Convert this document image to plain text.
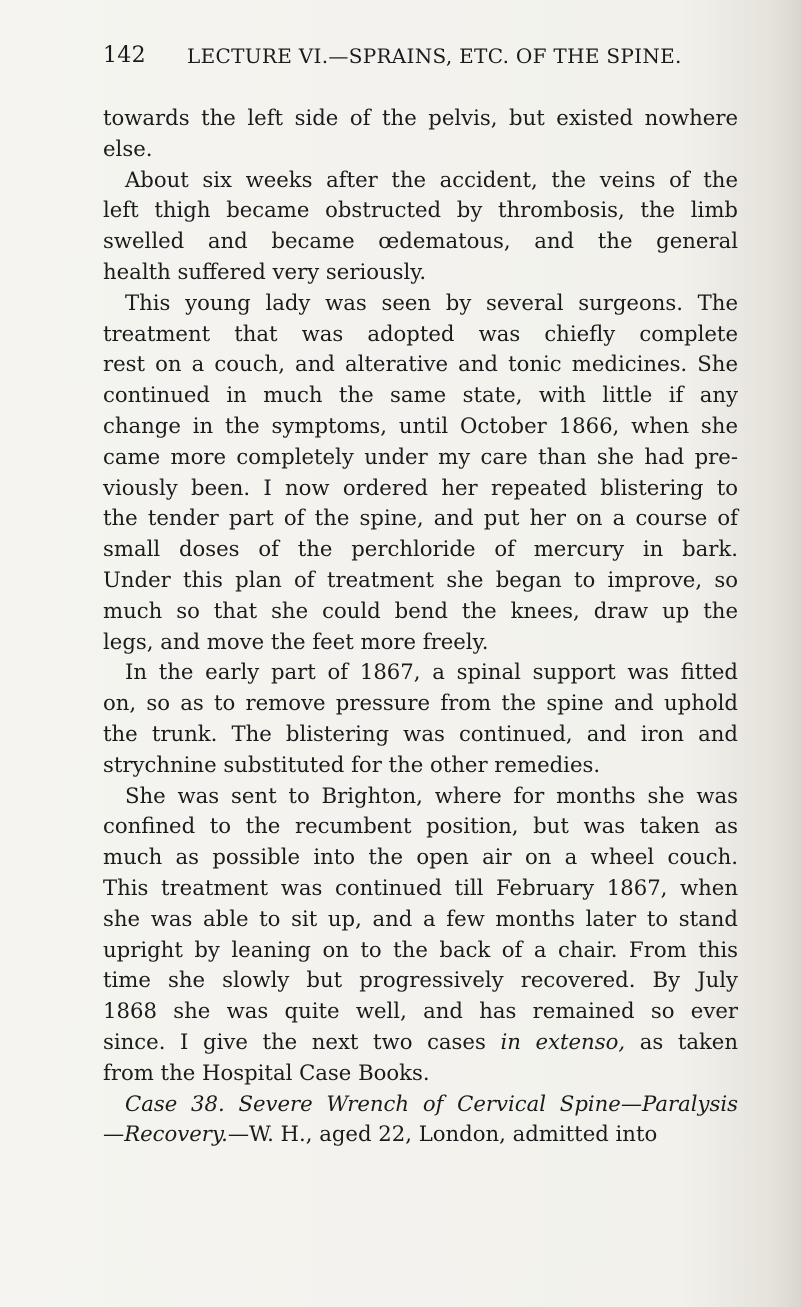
142 LECTURE VI.—SPRAINS, ETC. OF THE SPINE.
towards the left side of the pelvis, but existed nowhere
else.
About six weeks after the accident, the veins of the
left thigh became obstructed by thrombosis, the limb
swelled and became œdematous, and the general
health suffered very seriously.
This young lady was seen by several surgeons. The
treatment that was adopted was chiefly complete
rest on a couch, and alterative and tonic medicines. She
continued in much the same state, with little if any
change in the symptoms, until October 1866, when she
came more completely under my care than she had pre-
viously been. I now ordered her repeated blistering to
the tender part of the spine, and put her on a course of
small doses of the perchloride of mercury in bark.
Under this plan of treatment she began to improve, so
much so that she could bend the knees, draw up the
legs, and move the feet more freely.
In the early part of 1867, a spinal support was fitted
on, so as to remove pressure from the spine and uphold
the trunk. The blistering was continued, and iron and
strychnine substituted for the other remedies.
She was sent to Brighton, where for months she was
confined to the recumbent position, but was taken as
much as possible into the open air on a wheel couch.
This treatment was continued till February 1867, when
she was able to sit up, and a few months later to stand
upright by leaning on to the back of a chair. From this
time she slowly but progressively recovered. By July
1868 she was quite well, and has remained so ever
since. I give the next two cases in extenso, as taken
from the Hospital Case Books.
Case 38. Severe Wrench of Cervical Spine—Paralysis
—Recovery.—W. H., aged 22, London, admitted into
